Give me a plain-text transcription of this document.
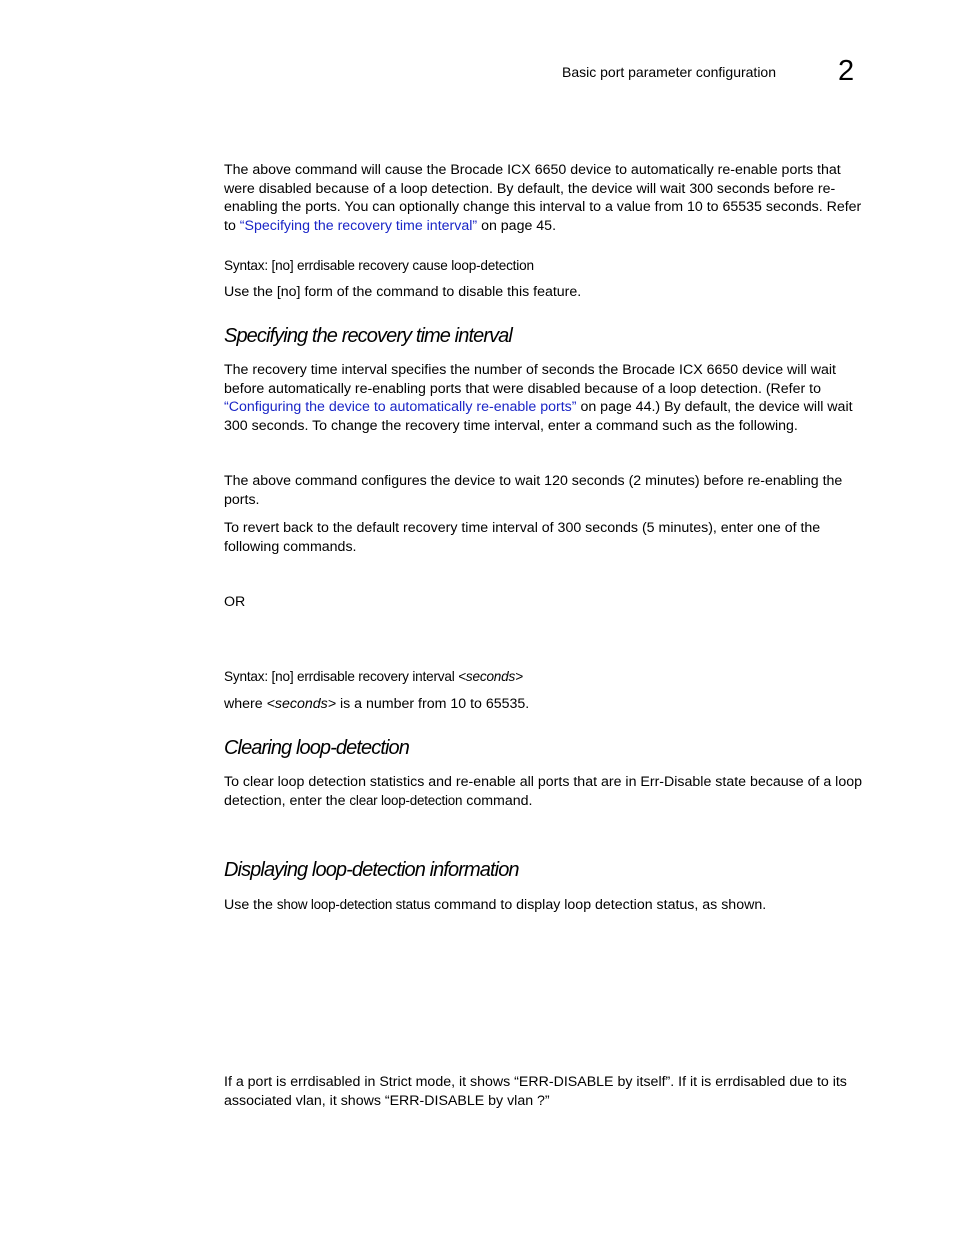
Basic port parameter configuration 2
The above command will cause the Brocade ICX 6650 device to automatically re-enable ports that were disabled because of a loop detection. By default, the device will wait 300 seconds before re-enabling the ports. You can optionally change this interval to a value from 10 to 65535 seconds. Refer to “Specifying the recovery time interval” on page 45.
Syntax: [no] errdisable recovery cause loop-detection
Use the [no] form of the command to disable this feature.
Specifying the recovery time interval
The recovery time interval specifies the number of seconds the Brocade ICX 6650 device will wait before automatically re-enabling ports that were disabled because of a loop detection. (Refer to “Configuring the device to automatically re-enable ports” on page 44.) By default, the device will wait 300 seconds. To change the recovery time interval, enter a command such as the following.
The above command configures the device to wait 120 seconds (2 minutes) before re-enabling the ports.
To revert back to the default recovery time interval of 300 seconds (5 minutes), enter one of the following commands.
OR
Syntax: [no] errdisable recovery interval <seconds>
where <seconds> is a number from 10 to 65535.
Clearing loop-detection
To clear loop detection statistics and re-enable all ports that are in Err-Disable state because of a loop detection, enter the clear loop-detection command.
Displaying loop-detection information
Use the show loop-detection status command to display loop detection status, as shown.
If a port is errdisabled in Strict mode, it shows “ERR-DISABLE by itself”. If it is errdisabled due to its associated vlan, it shows “ERR-DISABLE by vlan ?”
